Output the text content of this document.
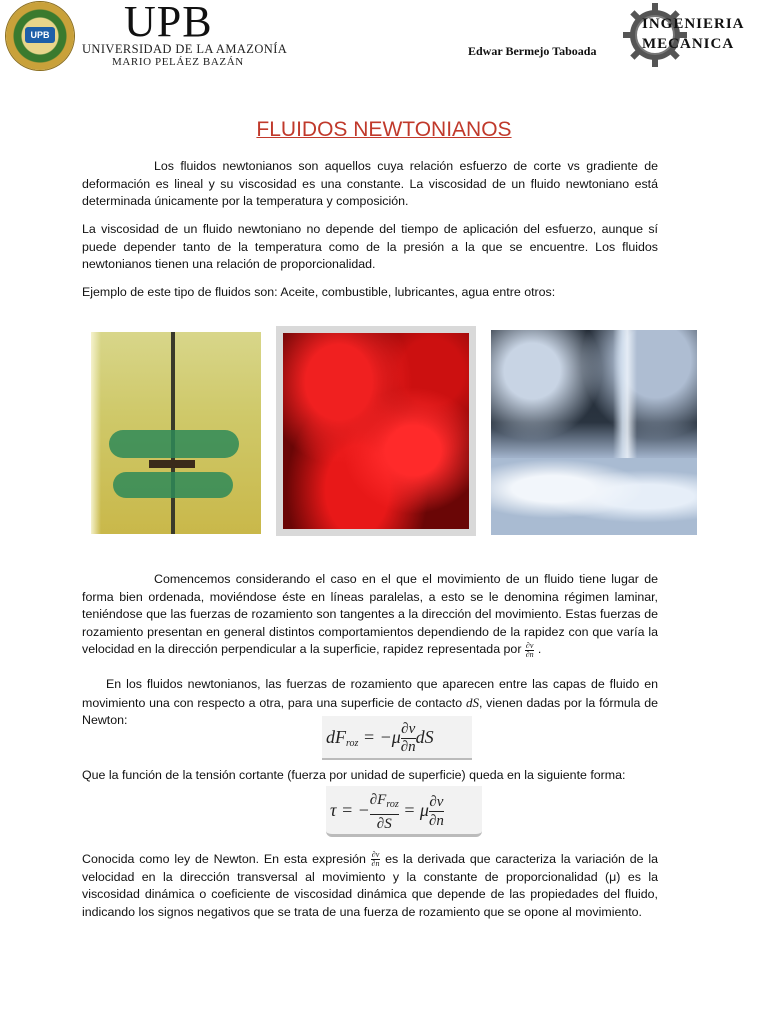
UPB UPB
UNIVERSIDAD DE LA AMAZONÍA
MARIO PELÁEZ BAZÁN
Edwar Bermejo Taboada
INGENIERIA
MECANICA
FLUIDOS NEWTONIANOS
Los fluidos newtonianos son aquellos cuya relación esfuerzo de corte vs gradiente de deformación es lineal y su viscosidad es una constante. La viscosidad de un fluido newtoniano está determinada únicamente por la temperatura y composición.
La viscosidad de un fluido newtoniano no depende del tiempo de aplicación del esfuerzo, aunque sí puede depender tanto de la temperatura como de la presión a la que se encuentre. Los fluidos newtonianos tienen una relación de proporcionalidad.
Ejemplo de este tipo de fluidos son: Aceite, combustible, lubricantes, agua entre otros:
Comencemos considerando el caso en el que el movimiento de un fluido tiene lugar de forma bien ordenada, moviéndose éste en líneas paralelas, a esto se le denomina régimen laminar, teniéndose que las fuerzas de rozamiento son tangentes a la dirección del movimiento. Estas fuerzas de rozamiento presentan en general distintos comportamientos dependiendo de la rapidez con que varía la velocidad en la dirección perpendicular a la superficie, rapidez representada por $\frac{\partial v}{\partial n}$ .
En los fluidos newtonianos, las fuerzas de rozamiento que aparecen entre las capas de fluido en movimiento una con respecto a otra, para una superficie de contacto dS, vienen dadas por la fórmula de Newton:
$dF_{roz} = -\mu \frac{\partial v}{\partial n}dS$
Que la función de la tensión cortante (fuerza por unidad de superficie) queda en la siguiente forma:
τ = −
$\partial F_{roz}$
∂S = μ $\frac{\partial v}{\partial n}$
Conocida como ley de Newton. En esta expresión $\frac{\partial v}{\partial n}$ es la derivada que caracteriza la variación de la velocidad en la dirección transversal al movimiento y la constante de proporcionalidad (μ) es la viscosidad dinámica o coeficiente de viscosidad dinámica que depende de las propiedades del fluido, indicando los signos negativos que se trata de una fuerza de rozamiento que se opone al movimiento.
